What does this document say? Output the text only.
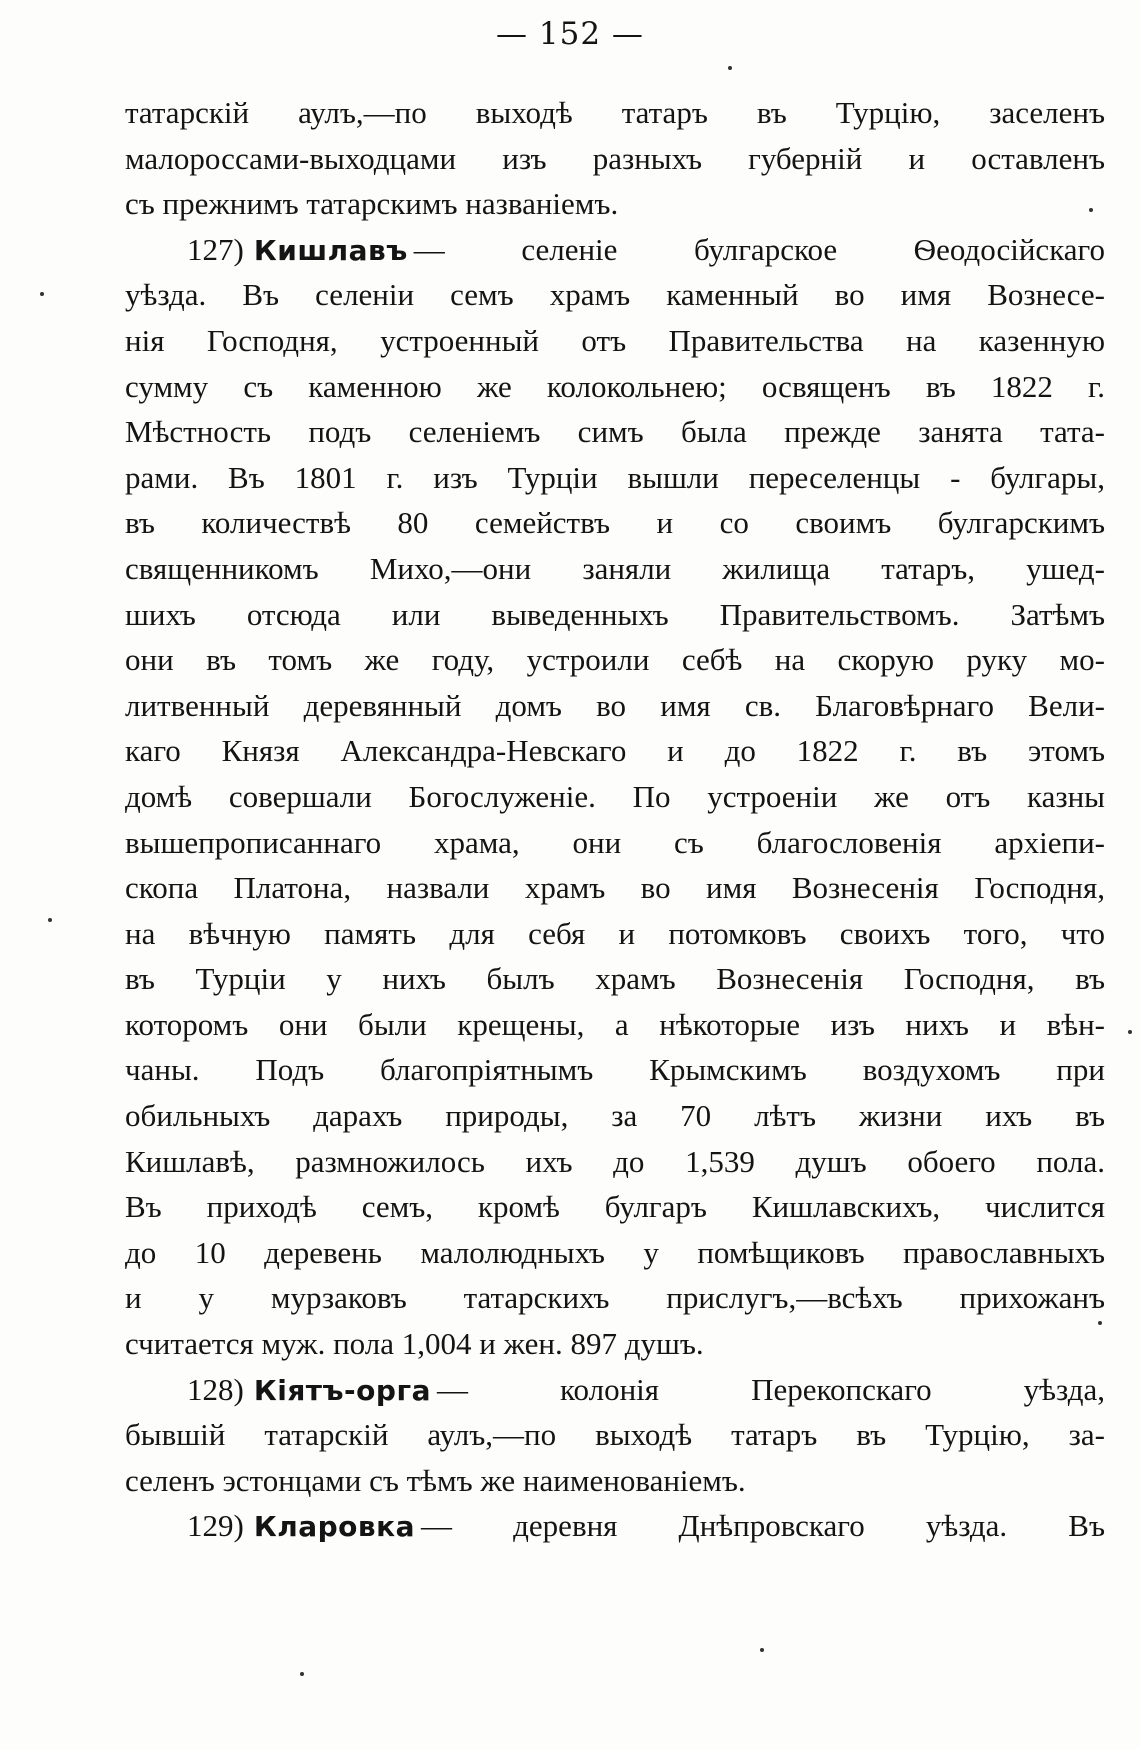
— 152 —
татарскій аулъ,—по выходѣ татаръ въ Турцію, заселенъ
малороссами-выходцами изъ разныхъ губерній и оставленъ
съ прежнимъ татарскимъ названіемъ.
127) Кишлавъ — селеніе булгарское Ѳеодосійскаго
уѣзда. Въ селеніи семъ храмъ каменный во имя Вознесе-
нія Господня, устроенный отъ Правительства на казенную
сумму съ каменною же колокольнею; освященъ въ 1822 г.
Мѣстность подъ селеніемъ симъ была прежде занята тата-
рами. Въ 1801 г. изъ Турціи вышли переселенцы - булгары,
въ количествѣ 80 семействъ и со своимъ булгарскимъ
священникомъ Михо,—они заняли жилища татаръ, ушед-
шихъ отсюда или выведенныхъ Правительствомъ. Затѣмъ
они въ томъ же году, устроили себѣ на скорую руку мо-
литвенный деревянный домъ во имя св. Благовѣрнаго Вели-
каго Князя Александра-Невскаго и до 1822 г. въ этомъ
домѣ совершали Богослуженіе. По устроеніи же отъ казны
вышепрописаннаго храма, они съ благословенія архіепи-
скопа Платона, назвали храмъ во имя Вознесенія Господня,
на вѣчную память для себя и потомковъ своихъ того, что
въ Турціи у нихъ былъ храмъ Вознесенія Господня, въ
которомъ они были крещены, а нѣкоторые изъ нихъ и вѣн-
чаны. Подъ благопріятнымъ Крымскимъ воздухомъ при
обильныхъ дарахъ природы, за 70 лѣтъ жизни ихъ въ
Кишлавѣ, размножилось ихъ до 1,539 душъ обоего пола.
Въ приходѣ семъ, кромѣ булгаръ Кишлавскихъ, числится
до 10 деревень малолюдныхъ у помѣщиковъ православныхъ
и у мурзаковъ татарскихъ прислугъ,—всѣхъ прихожанъ
считается муж. пола 1,004 и жен. 897 душъ.
128) Кіятъ-орга — колонія Перекопскаго уѣзда,
бывшій татарскій аулъ,—по выходѣ татаръ въ Турцію, за-
селенъ эстонцами съ тѣмъ же наименованіемъ.
129) Кларовка — деревня Днѣпровскаго уѣзда. Въ
